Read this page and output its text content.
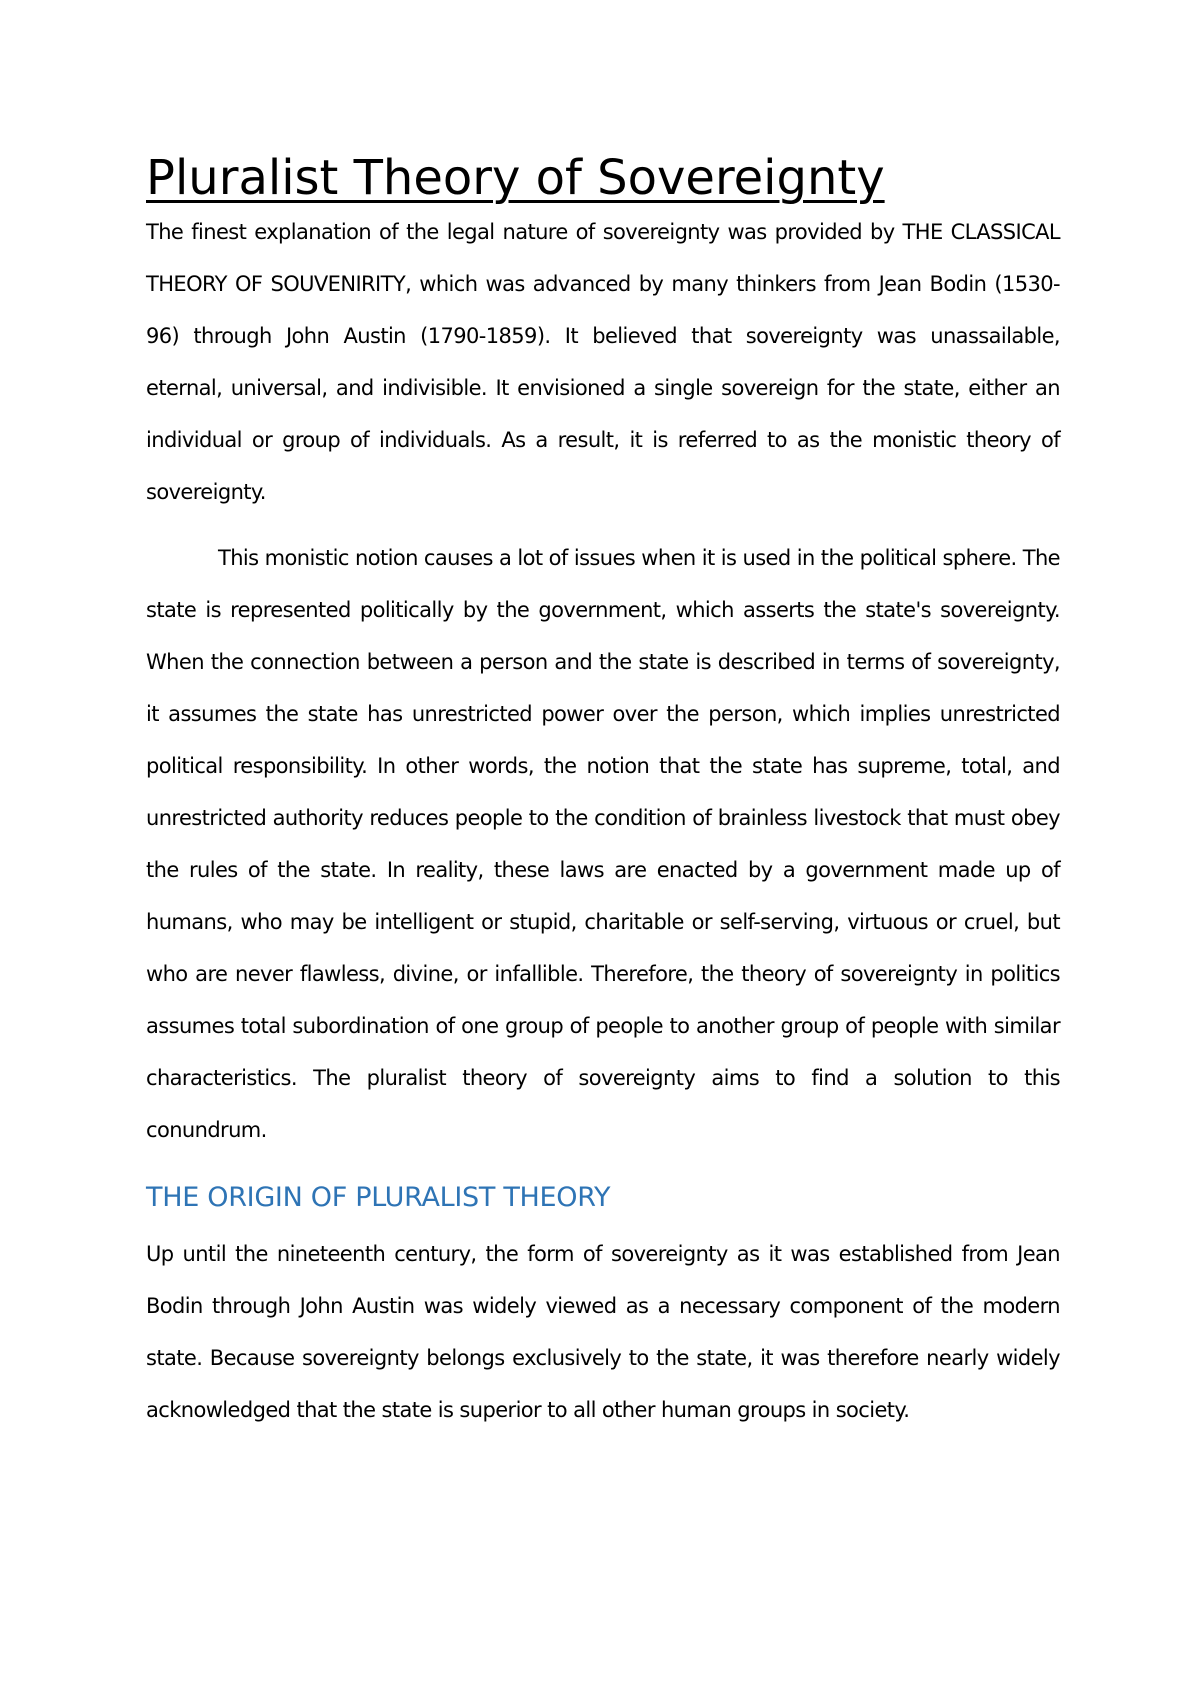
Pluralist Theory of Sovereignty

The finest explanation of the legal nature of sovereignty was provided by THE CLASSICAL THEORY OF SOUVENIRITY, which was advanced by many thinkers from Jean Bodin (1530-96) through John Austin (1790-1859). It believed that sovereignty was unassailable, eternal, universal, and indivisible. It envisioned a single sovereign for the state, either an individual or group of individuals. As a result, it is referred to as the monistic theory of sovereignty.

This monistic notion causes a lot of issues when it is used in the political sphere. The state is represented politically by the government, which asserts the state's sovereignty. When the connection between a person and the state is described in terms of sovereignty, it assumes the state has unrestricted power over the person, which implies unrestricted political responsibility. In other words, the notion that the state has supreme, total, and unrestricted authority reduces people to the condition of brainless livestock that must obey the rules of the state. In reality, these laws are enacted by a government made up of humans, who may be intelligent or stupid, charitable or self-serving, virtuous or cruel, but who are never flawless, divine, or infallible. Therefore, the theory of sovereignty in politics assumes total subordination of one group of people to another group of people with similar characteristics. The pluralist theory of sovereignty aims to find a solution to this conundrum.

THE ORIGIN OF PLURALIST THEORY

Up until the nineteenth century, the form of sovereignty as it was established from Jean Bodin through John Austin was widely viewed as a necessary component of the modern state. Because sovereignty belongs exclusively to the state, it was therefore nearly widely acknowledged that the state is superior to all other human groups in society.
